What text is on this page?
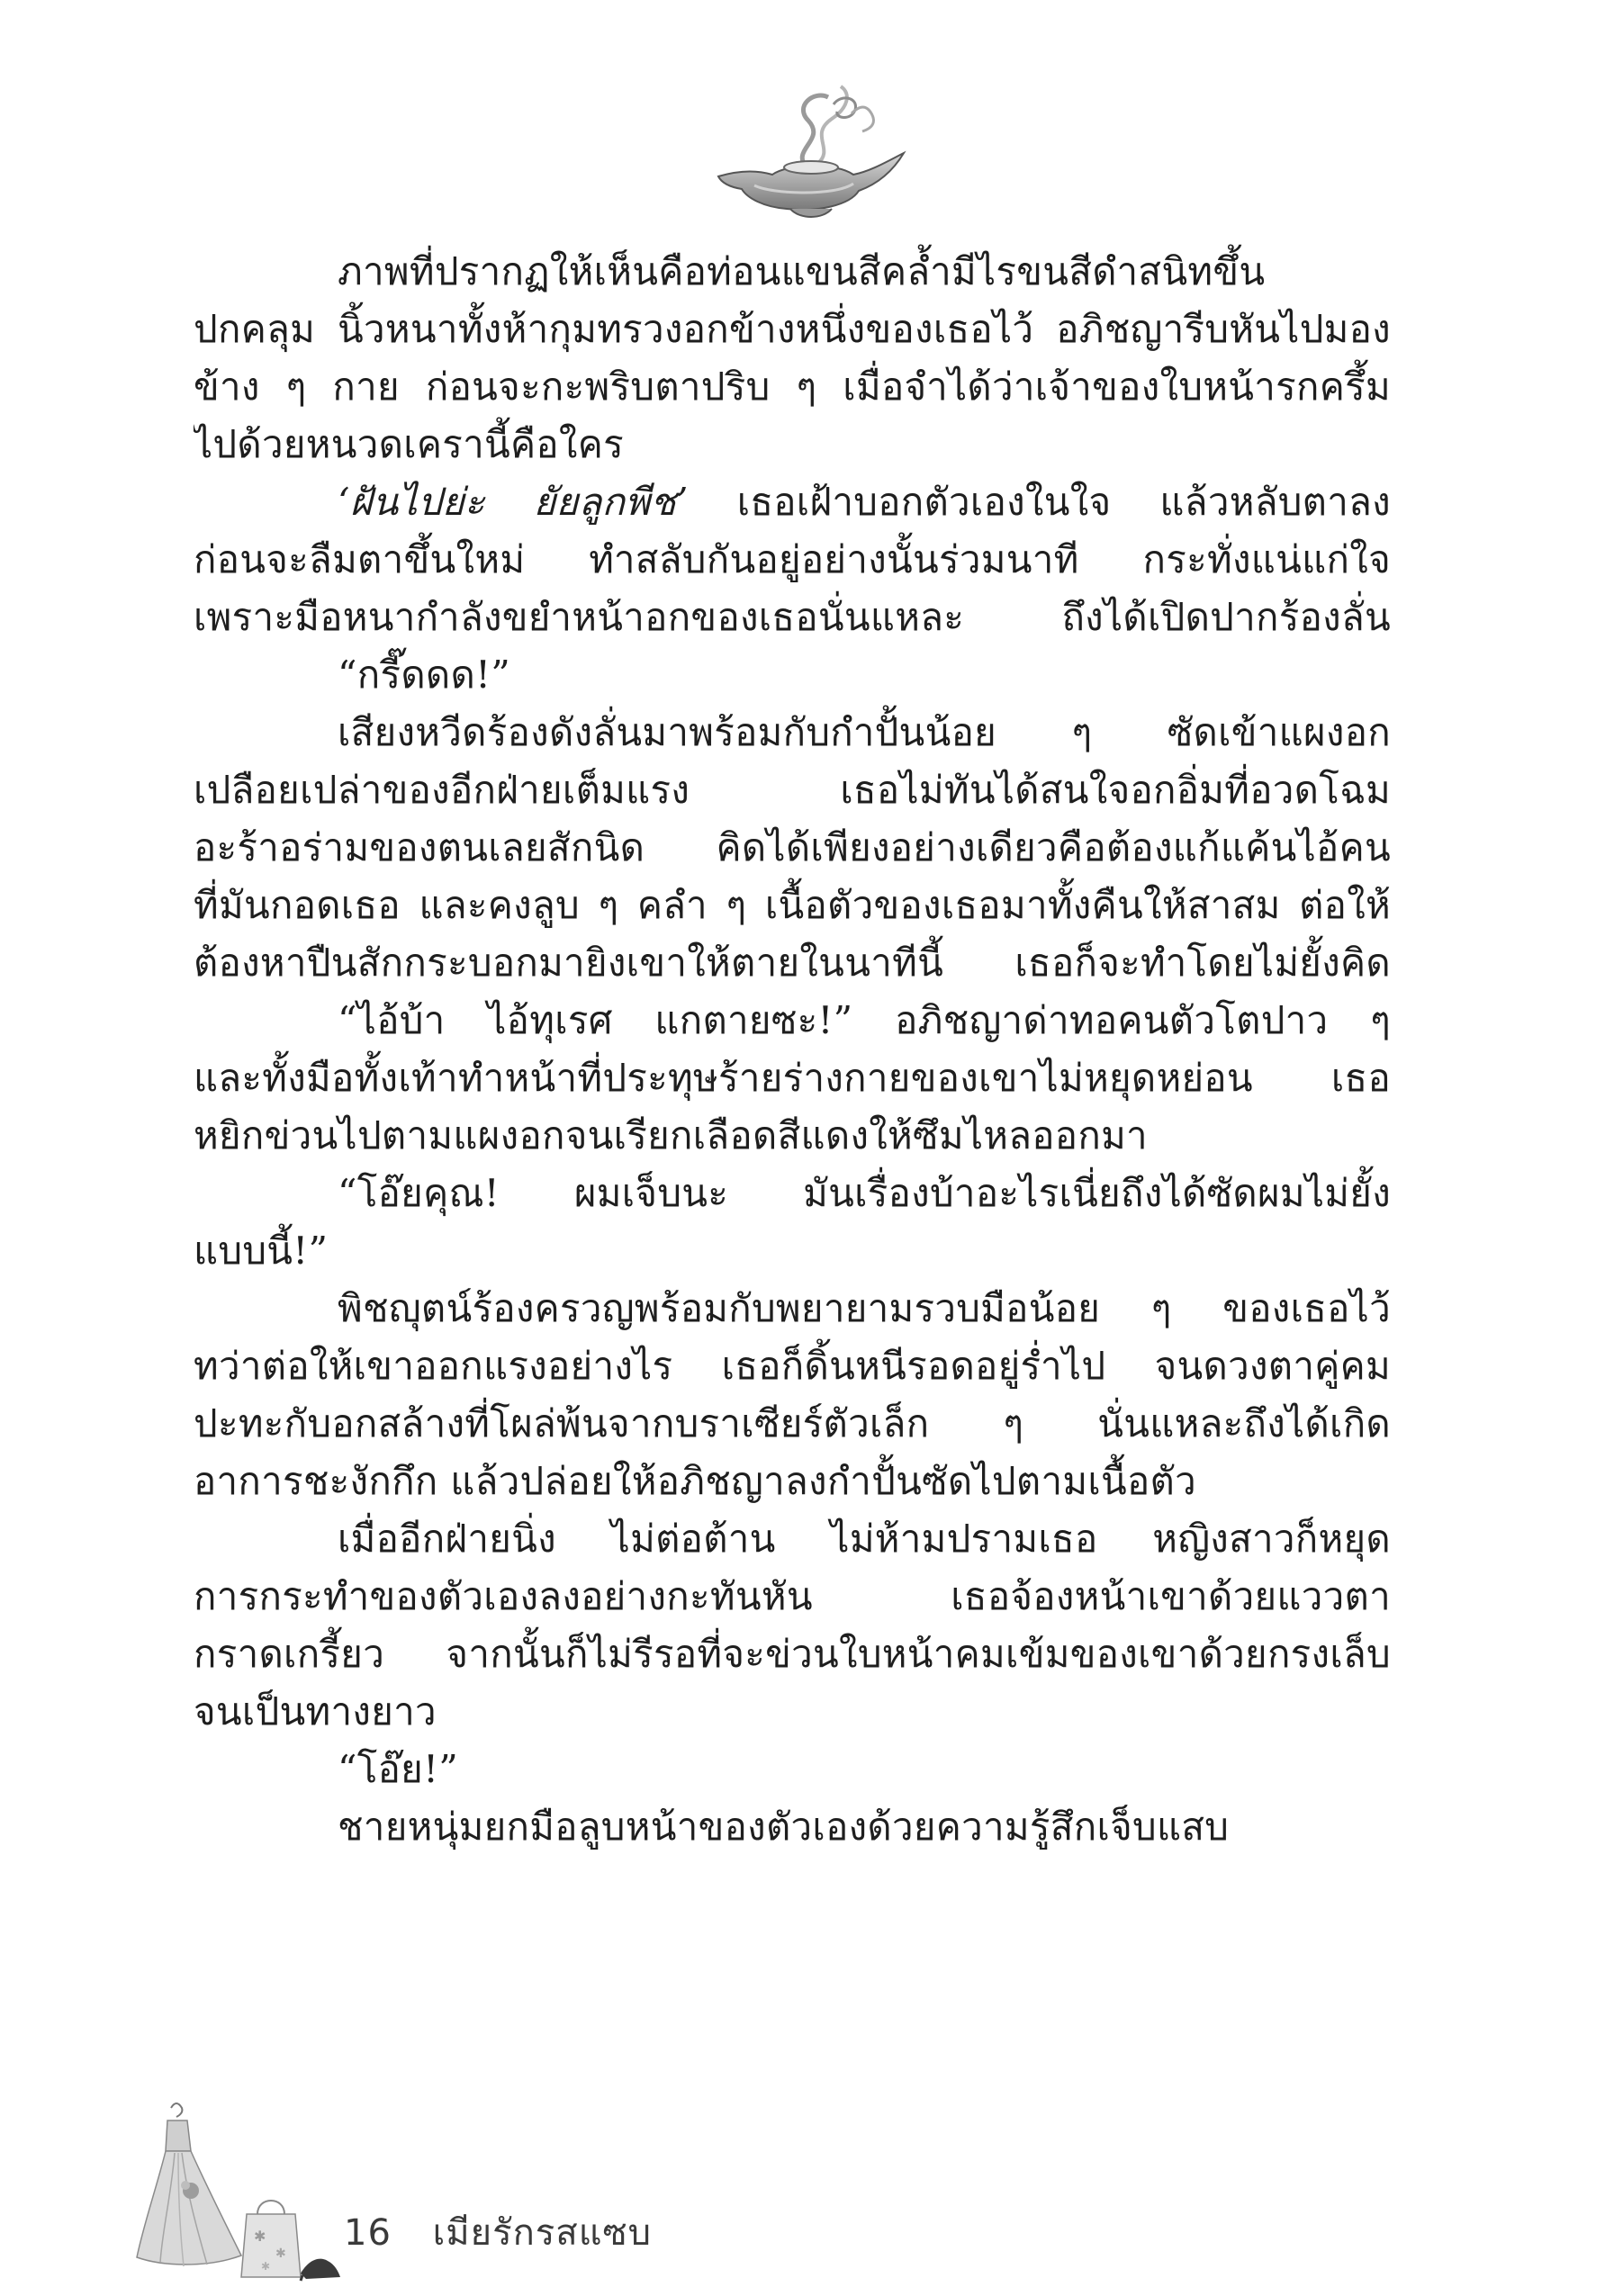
ภาพที่ปรากฏให้เห็นคือท่อนแขนสีคล้ำมีไรขนสีดำสนิทขึ้น
ปกคลุม นิ้วหนาทั้งห้ากุมทรวงอกข้างหนึ่งของเธอไว้ อภิชญารีบหันไปมอง
ข้าง ๆ กาย ก่อนจะกะพริบตาปริบ ๆ เมื่อจำได้ว่าเจ้าของใบหน้ารกครึ้ม
ไปด้วยหนวดเครานี้คือใคร
‘ฝันไปย่ะ ยัยลูกพีช’ เธอเฝ้าบอกตัวเองในใจ แล้วหลับตาลง
ก่อนจะลืมตาขึ้นใหม่ ทำสลับกันอยู่อย่างนั้นร่วมนาที กระทั่งแน่แก่ใจ
เพราะมือหนากำลังขยำหน้าอกของเธอนั่นแหละ ถึงได้เปิดปากร้องลั่น
“กรี๊ดดด!”
เสียงหวีดร้องดังลั่นมาพร้อมกับกำปั้นน้อย ๆ ซัดเข้าแผงอก
เปลือยเปล่าของอีกฝ่ายเต็มแรง เธอไม่ทันได้สนใจอกอิ่มที่อวดโฉม
อะร้าอร่ามของตนเลยสักนิด คิดได้เพียงอย่างเดียวคือต้องแก้แค้นไอ้คน
ที่มันกอดเธอ และคงลูบ ๆ คลำ ๆ เนื้อตัวของเธอมาทั้งคืนให้สาสม ต่อให้
ต้องหาปืนสักกระบอกมายิงเขาให้ตายในนาทีนี้ เธอก็จะทำโดยไม่ยั้งคิด
“ไอ้บ้า ไอ้ทุเรศ แกตายซะ!” อภิชญาด่าทอคนตัวโตปาว ๆ
และทั้งมือทั้งเท้าทำหน้าที่ประทุษร้ายร่างกายของเขาไม่หยุดหย่อน เธอ
หยิกข่วนไปตามแผงอกจนเรียกเลือดสีแดงให้ซึมไหลออกมา
“โอ๊ยคุณ! ผมเจ็บนะ มันเรื่องบ้าอะไรเนี่ยถึงได้ซัดผมไม่ยั้ง
แบบนี้!”
พิชญุตน์ร้องครวญพร้อมกับพยายามรวบมือน้อย ๆ ของเธอไว้
ทว่าต่อให้เขาออกแรงอย่างไร เธอก็ดิ้นหนีรอดอยู่ร่ำไป จนดวงตาคู่คม
ปะทะกับอกสล้างที่โผล่พ้นจากบราเซียร์ตัวเล็ก ๆ นั่นแหละถึงได้เกิด
อาการชะงักกึก แล้วปล่อยให้อภิชญาลงกำปั้นซัดไปตามเนื้อตัว
เมื่ออีกฝ่ายนิ่ง ไม่ต่อต้าน ไม่ห้ามปรามเธอ หญิงสาวก็หยุด
การกระทำของตัวเองลงอย่างกะทันหัน เธอจ้องหน้าเขาด้วยแววตา
กราดเกรี้ยว จากนั้นก็ไม่รีรอที่จะข่วนใบหน้าคมเข้มของเขาด้วยกรงเล็บ
จนเป็นทางยาว
“โอ๊ย!”
ชายหนุ่มยกมือลูบหน้าของตัวเองด้วยความรู้สึกเจ็บแสบ
✱
✱
✱
16 เมียรักรสแซบ
